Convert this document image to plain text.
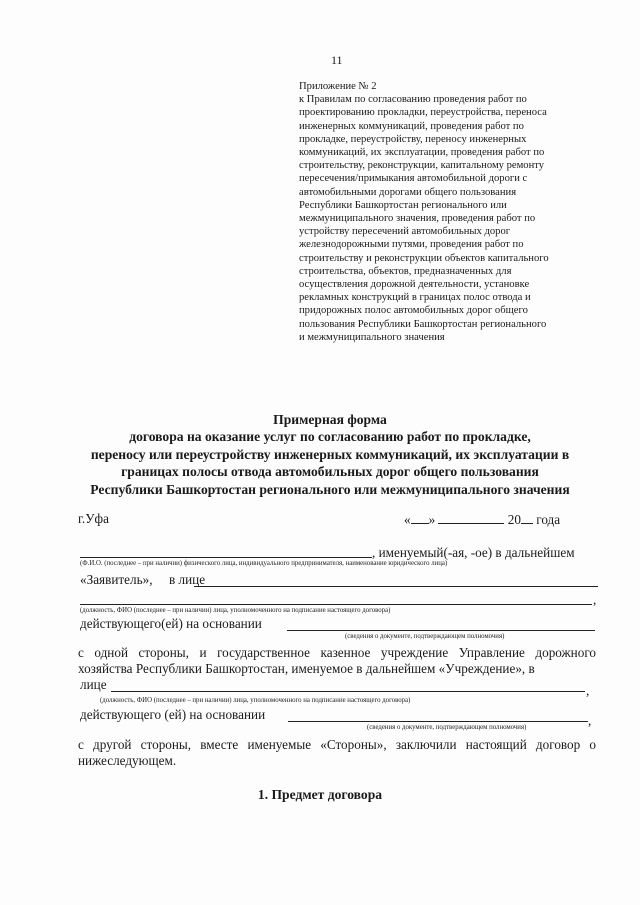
11
Приложение № 2
к Правилам по согласованию проведения работ по
проектированию прокладки, переустройства, переноса
инженерных коммуникаций, проведения работ по
прокладке, переустройству, переносу инженерных
коммуникаций, их эксплуатации, проведения работ по
строительству, реконструкции, капитальному ремонту
пересечения/примыкания автомобильной дороги с
автомобильными дорогами общего пользования
Республики Башкортостан регионального или
межмуниципального значения, проведения работ по
устройству пересечений автомобильных дорог
железнодорожными путями, проведения работ по
строительству и реконструкции объектов капитального
строительства, объектов, предназначенных для
осуществления дорожной деятельности, установке
рекламных конструкций в границах полос отвода и
придорожных полос автомобильных дорог общего
пользования Республики Башкортостан регионального
и межмуниципального значения
Примерная форма
договора на оказание услуг по согласованию работ по прокладке,
переносу или переустройству инженерных коммуникаций, их эксплуатации в
границах полосы отвода автомобильных дорог общего пользования
Республики Башкортостан регионального или межмуниципального значения
г.Уфа	« »	20 года
, именуемый(-ая, -ое) в дальнейшем
(Ф.И.О. (последнее – при наличии) физического лица, индивидуального предпринимателя, наименование юридического лица)
«Заявитель», в лице
,
(должность, ФИО (последнее – при наличии) лица, уполномоченного на подписание настоящего договора)
действующего(ей) на основании
(сведения о документе, подтверждающем полномочия)
с одной стороны, и государственное казенное учреждение Управление дорожного хозяйства Республики Башкортостан, именуемое в дальнейшем «Учреждение», в
лице	,
(должность, ФИО (последнее – при наличии) лица, уполномоченного на подписание настоящего договора)
действующего (ей) на основании	,
(сведения о документе, подтверждающем полномочия)
с другой стороны, вместе именуемые «Стороны», заключили настоящий договор о нижеследующем.
1. Предмет договора
